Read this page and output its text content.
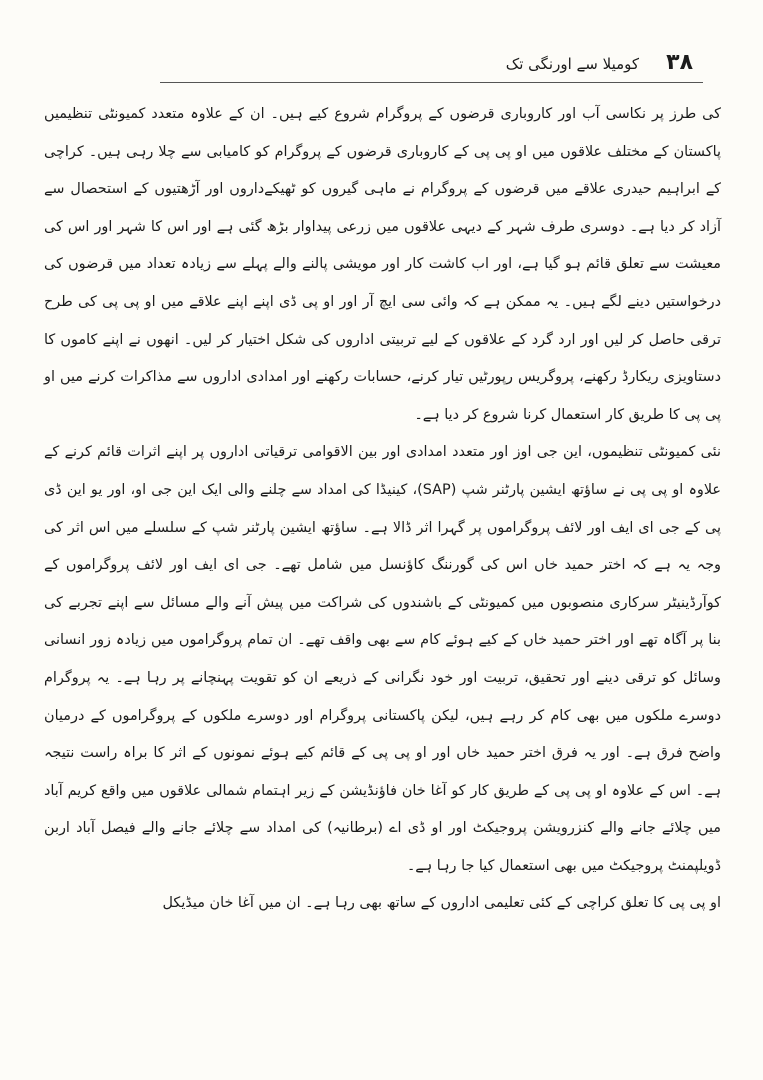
۳۸ کومیلا سے اورنگی تک

کی طرز پر نکاسی آب اور کاروباری قرضوں کے پروگرام شروع کیے ہیں۔ ان کے علاوہ متعدد کمیونٹی تنظیمیں پاکستان کے مختلف علاقوں میں او پی پی کے کاروباری قرضوں کے پروگرام کو کامیابی سے چلا رہی ہیں۔ کراچی کے ابراہیم حیدری علاقے میں قرضوں کے پروگرام نے ماہی گیروں کو ٹھیکےداروں اور آڑھتیوں کے استحصال سے آزاد کر دیا ہے۔ دوسری طرف شہر کے دیہی علاقوں میں زرعی پیداوار بڑھ گئی ہے اور اس کا شہر اور اس کی معیشت سے تعلق قائم ہو گیا ہے، اور اب کاشت کار اور مویشی پالنے والے پہلے سے زیادہ تعداد میں قرضوں کی درخواستیں دینے لگے ہیں۔ یہ ممکن ہے کہ وائی سی ایچ آر اور او پی ڈی اپنے اپنے علاقے میں او پی پی کی طرح ترقی حاصل کر لیں اور ارد گرد کے علاقوں کے لیے تربیتی اداروں کی شکل اختیار کر لیں۔ انھوں نے اپنے کاموں کا دستاویزی ریکارڈ رکھنے، پروگریس رپورٹیں تیار کرنے، حسابات رکھنے اور امدادی اداروں سے مذاکرات کرنے میں او پی پی کا طریق کار استعمال کرنا شروع کر دیا ہے۔

نئی کمیونٹی تنظیموں، این جی اوز اور متعدد امدادی اور بین الاقوامی ترقیاتی اداروں پر اپنے اثرات قائم کرنے کے علاوہ او پی پی نے ساؤتھ ایشین پارٹنر شپ (SAP)، کینیڈا کی امداد سے چلنے والی ایک این جی او، اور یو این ڈی پی کے جی ای ایف اور لائف پروگراموں پر گہرا اثر ڈالا ہے۔ ساؤتھ ایشین پارٹنر شپ کے سلسلے میں اس اثر کی وجہ یہ ہے کہ اختر حمید خاں اس کی گورننگ کاؤنسل میں شامل تھے۔ جی ای ایف اور لائف پروگراموں کے کوآرڈینیٹر سرکاری منصوبوں میں کمیونٹی کے باشندوں کی شراکت میں پیش آنے والے مسائل سے اپنے تجربے کی بنا پر آگاہ تھے اور اختر حمید خاں کے کیے ہوئے کام سے بھی واقف تھے۔ ان تمام پروگراموں میں زیادہ زور انسانی وسائل کو ترقی دینے اور تحقیق، تربیت اور خود نگرانی کے ذریعے ان کو تقویت پہنچانے پر رہا ہے۔ یہ پروگرام دوسرے ملکوں میں بھی کام کر رہے ہیں، لیکن پاکستانی پروگرام اور دوسرے ملکوں کے پروگراموں کے درمیان واضح فرق ہے۔ اور یہ فرق اختر حمید خاں اور او پی پی کے قائم کیے ہوئے نمونوں کے اثر کا براہ راست نتیجہ ہے۔ اس کے علاوہ او پی پی کے طریق کار کو آغا خان فاؤنڈیشن کے زیر اہتمام شمالی علاقوں میں واقع کریم آباد میں چلائے جانے والے کنزرویشن پروجیکٹ اور او ڈی اے (برطانیہ) کی امداد سے چلائے جانے والے فیصل آباد اربن ڈویلپمنٹ پروجیکٹ میں بھی استعمال کیا جا رہا ہے۔

او پی پی کا تعلق کراچی کے کئی تعلیمی اداروں کے ساتھ بھی رہا ہے۔ ان میں آغا خان میڈیکل
